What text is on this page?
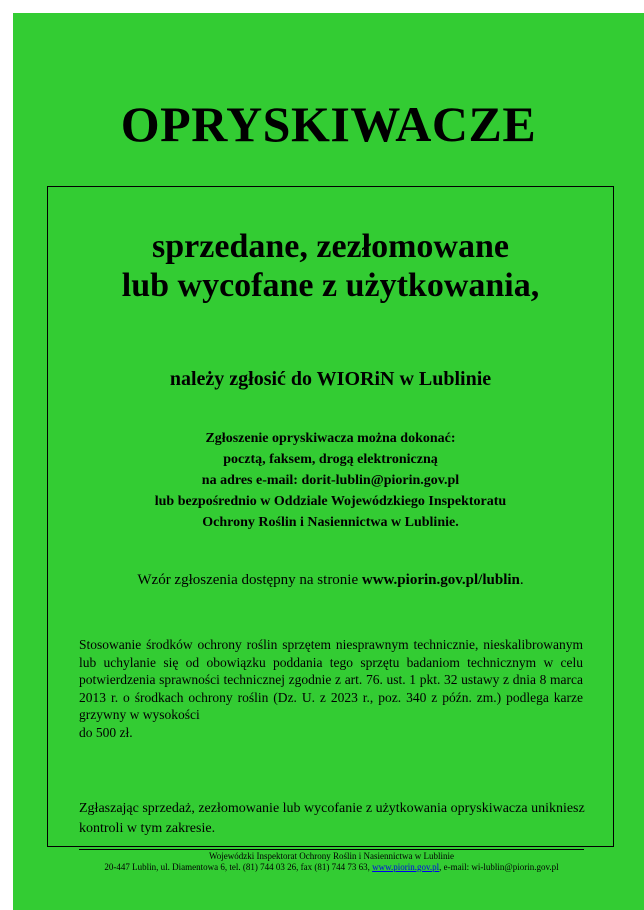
OPRYSKIWACZE
sprzedane, zezłomowane
lub wycofane z użytkowania,
należy zgłosić do WIORiN w Lublinie
Zgłoszenie opryskiwacza można dokonać:
pocztą, faksem, drogą elektroniczną
na adres e-mail: dorit-lublin@piorin.gov.pl
lub bezpośrednio w Oddziale Wojewódzkiego Inspektoratu
Ochrony Roślin i Nasiennictwa w Lublinie.
Wzór zgłoszenia dostępny na stronie www.piorin.gov.pl/lublin.

Stosowanie środków ochrony roślin sprzętem niesprawnym technicznie, nieskalibrowanym lub uchylanie się od obowiązku poddania tego sprzętu badaniom technicznym w celu potwierdzenia sprawności technicznej zgodnie z art. 76. ust. 1 pkt. 32 ustawy z dnia 8 marca 2013 r. o środkach ochrony roślin (Dz. U. z 2023 r., poz. 340 z późn. zm.) podlega karze grzywny w wysokości

do 500 zł.

Zgłaszając sprzedaż, zezłomowanie lub wycofanie z użytkowania opryskiwacza unikniesz kontroli w tym zakresie.
Wojewódzki Inspektorat Ochrony Roślin i Nasiennictwa w Lublinie
20-447 Lublin, ul. Diamentowa 6, tel. (81) 744 03 26, fax (81) 744 73 63, www.piorin.gov.pl, e-mail: wi-lublin@piorin.gov.pl
